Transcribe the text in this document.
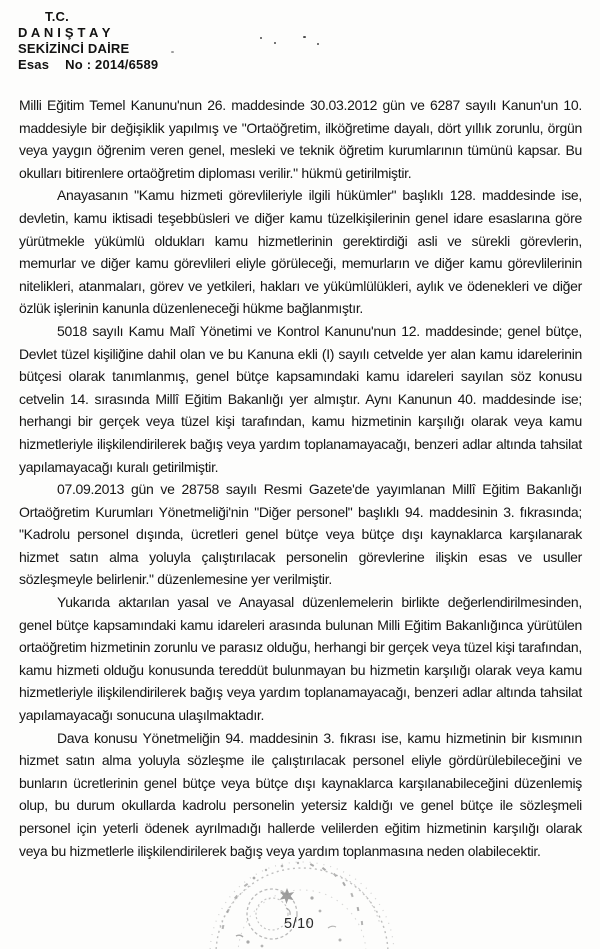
T.C.
D A N I Ş T A Y
SEKİZİNCİ DAİRE
Esas No : 2014/6589

Milli Eğitim Temel Kanunu'nun 26. maddesinde 30.03.2012 gün ve 6287 sayılı Kanun'un 10. maddesiyle bir değişiklik yapılmış ve "Ortaöğretim, ilköğretime dayalı, dört yıllık zorunlu, örgün veya yaygın öğrenim veren genel, mesleki ve teknik öğretim kurumlarının tümünü kapsar. Bu okulları bitirenlere ortaöğretim diploması verilir." hükmü getirilmiştir.

Anayasanın "Kamu hizmeti görevlileriyle ilgili hükümler" başlıklı 128. maddesinde ise, devletin, kamu iktisadi teşebbüsleri ve diğer kamu tüzelkişilerinin genel idare esaslarına göre yürütmekle yükümlü oldukları kamu hizmetlerinin gerektirdiği asli ve sürekli görevlerin, memurlar ve diğer kamu görevlileri eliyle görüleceği, memurların ve diğer kamu görevlilerinin nitelikleri, atanmaları, görev ve yetkileri, hakları ve yükümlülükleri, aylık ve ödenekleri ve diğer özlük işlerinin kanunla düzenleneceği hükme bağlanmıştır.

5018 sayılı Kamu Malî Yönetimi ve Kontrol Kanunu'nun 12. maddesinde; genel bütçe, Devlet tüzel kişiliğine dahil olan ve bu Kanuna ekli (I) sayılı cetvelde yer alan kamu idarelerinin bütçesi olarak tanımlanmış, genel bütçe kapsamındaki kamu idareleri sayılan söz konusu cetvelin 14. sırasında Millî Eğitim Bakanlığı yer almıştır. Aynı Kanunun 40. maddesinde ise; herhangi bir gerçek veya tüzel kişi tarafından, kamu hizmetinin karşılığı olarak veya kamu hizmetleriyle ilişkilendirilerek bağış veya yardım toplanamayacağı, benzeri adlar altında tahsilat yapılamayacağı kuralı getirilmiştir.

07.09.2013 gün ve 28758 sayılı Resmi Gazete'de yayımlanan Millî Eğitim Bakanlığı Ortaöğretim Kurumları Yönetmeliği'nin "Diğer personel" başlıklı 94. maddesinin 3. fıkrasında; "Kadrolu personel dışında, ücretleri genel bütçe veya bütçe dışı kaynaklarca karşılanarak hizmet satın alma yoluyla çalıştırılacak personelin görevlerine ilişkin esas ve usuller sözleşmeyle belirlenir." düzenlemesine yer verilmiştir.

Yukarıda aktarılan yasal ve Anayasal düzenlemelerin birlikte değerlendirilmesinden, genel bütçe kapsamındaki kamu idareleri arasında bulunan Milli Eğitim Bakanlığınca yürütülen ortaöğretim hizmetinin zorunlu ve parasız olduğu, herhangi bir gerçek veya tüzel kişi tarafından, kamu hizmeti olduğu konusunda tereddüt bulunmayan bu hizmetin karşılığı olarak veya kamu hizmetleriyle ilişkilendirilerek bağış veya yardım toplanamayacağı, benzeri adlar altında tahsilat yapılamayacağı sonucuna ulaşılmaktadır.

Dava konusu Yönetmeliğin 94. maddesinin 3. fıkrası ise, kamu hizmetinin bir kısmının hizmet satın alma yoluyla sözleşme ile çalıştırılacak personel eliyle gördürülebileceğini ve bunların ücretlerinin genel bütçe veya bütçe dışı kaynaklarca karşılanabileceğini düzenlemiş olup, bu durum okullarda kadrolu personelin yetersiz kaldığı ve genel bütçe ile sözleşmeli personel için yeterli ödenek ayrılmadığı hallerde velilerden eğitim hizmetinin karşılığı olarak veya bu hizmetlerle ilişkilendirilerek bağış veya yardım toplanmasına neden olabilecektir.

5/10
